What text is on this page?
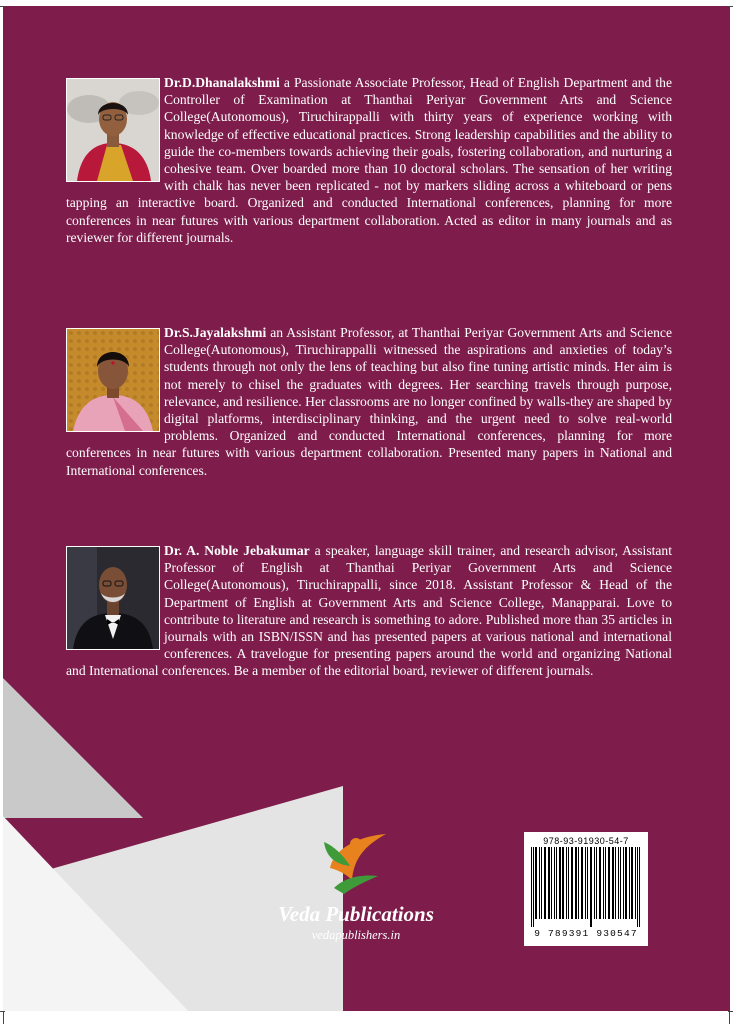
Dr.D.Dhanalakshmi a Passionate Associate Professor, Head of English Department and the Controller of Examination at Thanthai Periyar Government Arts and Science College(Autonomous), Tiruchirappalli with thirty years of experience working with knowledge of effective educational practices. Strong leadership capabilities and the ability to guide the co-members towards achieving their goals, fostering collaboration, and nurturing a cohesive team. Over boarded more than 10 doctoral scholars. The sensation of her writing with chalk has never been replicated - not by markers sliding across a whiteboard or pens tapping an interactive board. Organized and conducted International conferences, planning for more conferences in near futures with various department collaboration. Acted as editor in many journals and as reviewer for different journals.

Dr.S.Jayalakshmi an Assistant Professor, at Thanthai Periyar Government Arts and Science College(Autonomous), Tiruchirappalli witnessed the aspirations and anxieties of today’s students through not only the lens of teaching but also fine tuning artistic minds. Her aim is not merely to chisel the graduates with degrees. Her searching travels through purpose, relevance, and resilience. Her classrooms are no longer confined by walls-they are shaped by digital platforms, interdisciplinary thinking, and the urgent need to solve real-world problems. Organized and conducted International conferences, planning for more conferences in near futures with various department collaboration. Presented many papers in National and International conferences.

Dr. A. Noble Jebakumar a speaker, language skill trainer, and research advisor, Assistant Professor of English at Thanthai Periyar Government Arts and Science College(Autonomous), Tiruchirappalli, since 2018. Assistant Professor & Head of the Department of English at Government Arts and Science College, Manapparai. Love to contribute to literature and research is something to adore. Published more than 35 articles in journals with an ISBN/ISSN and has presented papers at various national and international conferences. A travelogue for presenting papers around the world and organizing National and International conferences. Be a member of the editorial board, reviewer of different journals.

Veda Publications
vedapublishers.in
978-93-91930-54-7
9 789391 930547
